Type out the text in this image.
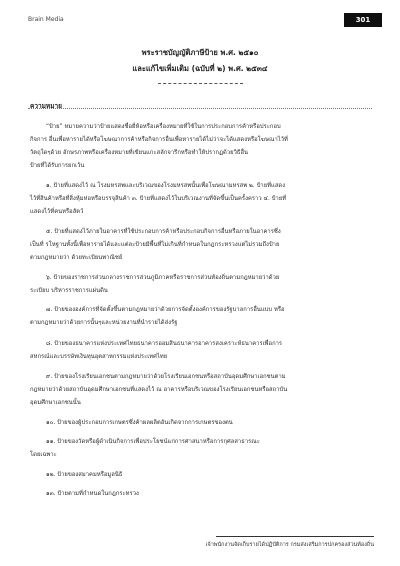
Brain Media	301
พระราชบัญญัติภาษีป้าย พ.ศ. ๒๕๑๐
และแก้ไขเพิ่มเติม (ฉบับที่ ๒) พ.ศ. ๒๕๓๔
ความหมาย
“ป้าย” หมายความว่าป้ายแสดงชื่อยี่ห้อหรือเครื่องหมายที่ใช้ในการประกอบการค้าหรือประกอบ
กิจการ อื่นเพื่อหารายได้หรือโฆษณาการค้าหรือกิจการอื่นเพื่อหารายได้ไม่ว่าจะได้แสดงหรือโฆษณาไว้ที่
วัตถุใดๆด้วย อักษรภาพหรือเครื่องหมายที่เขียนแกะสลักจารึกหรือทำให้ปรากฏด้วยวิธีอื่น
ป้ายที่ได้รับการยกเว้น
๑. ป้ายที่แสดงไว้ ณ โรงมหรสพและบริเวณของโรงมหรสพนั้นเพื่อโฆษณามหรสพ ๒. ป้ายที่แสดง
ไว้ที่สินค้าหรือที่สิ่งหุ้มห่อหรือบรรจุสินค้า ๓. ป้ายที่แสดงไว้ในบริเวณงานที่จัดขึ้นเป็นครั้งคราว ๔. ป้ายที่
แสดงไว้ที่คนหรือสัตว์
๕. ป้ายที่แสดงไว้ภายในอาคารที่ใช้ประกอบการค้าหรือประกอบกิจการอื่นหรือภายในอาคารซึ่ง
เป็นที่ รโหฐานทั้งนี้เพื่อหารายได้และแต่ละป้ายมีพื้นที่ไม่เกินที่กำหนดในกฎกระทรวงแต่ไม่รวมถึงป้าย
ตามกฎหมายว่า ด้วยทะเบียนพาณิชย์
๖. ป้ายของราชการส่วนกลางราชการส่วนภูมิภาคหรือราชการส่วนท้องถิ่นตามกฎหมายว่าด้วย
ระเบียบ บริหารราชการแผ่นดิน
๗. ป้ายขององค์การที่จัดตั้งขึ้นตามกฎหมายว่าด้วยการจัดตั้งองค์การของรัฐบาลการอื่นแบบ หรือ
ตามกฎหมายว่าด้วยการนั้นๆและหน่วยงานที่นำรายได้ส่งรัฐ
๘. ป้ายของธนาคารแห่งประเทศไทยธนาคารออมสินธนาคารอาคารสงเคราะห์ธนาคารเพื่อการ
สหกรณ์และบรรษัทเงินทุนอุตสาหกรรมแห่งประเทศไทย
๙. ป้ายของโรงเรียนเอกชนตามกฎหมายว่าด้วยโรงเรียนเอกชนหรือสถาบันอุดมศึกษาเอกชนตาม
กฎหมายว่าด้วยสถาบันอุดมศึกษาเอกชนที่แสดงไว้ ณ อาคารหรือบริเวณของโรงเรียนเอกชนหรือสถาบัน
อุดมศึกษาเอกชนนั้น
๑๐. ป้ายของผู้ประกอบการเกษตรซึ่งค้าผลผลิตอันเกิดจากการเกษตรของตน
๑๑. ป้ายของวัดหรือผู้ดำเนินกิจการเพื่อประโยชน์แก่การศาสนาหรือการกุศลสาธารณะ
โดยเฉพาะ
๑๒. ป้ายของสมาคมหรือมูลนิธิ
๑๓. ป้ายตามที่กำหนดในกฎกระทรวง
เจ้าพนักงานจัดเก็บรายได้ปฏิบัติการ กรมส่งเสริมการปกครองส่วนท้องถิ่น
